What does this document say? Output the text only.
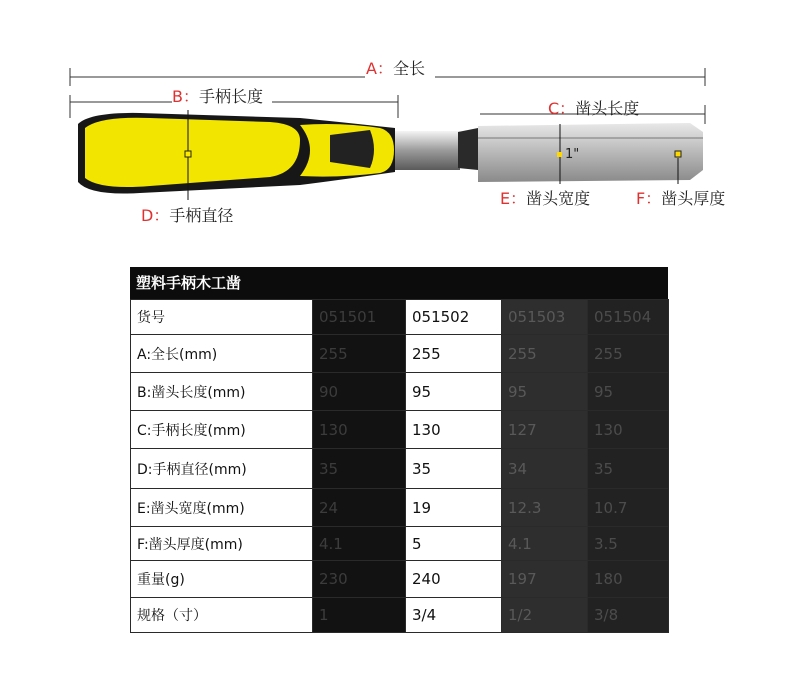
1"
A：全长
B：手柄长度
C：凿头长度
D：手柄直径
E：凿头宽度	F：凿头厚度
塑料手柄木工凿
货号	051501	051502	051503	051504
A:全长(mm)	255	255	255	255
B:凿头长度(mm)	90	95	95	95
C:手柄长度(mm)	130	130	127	130
D:手柄直径(mm)	35	35	34	35
E:凿头宽度(mm)	24	19	12.3	10.7
F:凿头厚度(mm)	4.1	5	4.1	3.5
重量(g)	230	240	197	180
规格（寸）	1	3/4	1/2	3/8
